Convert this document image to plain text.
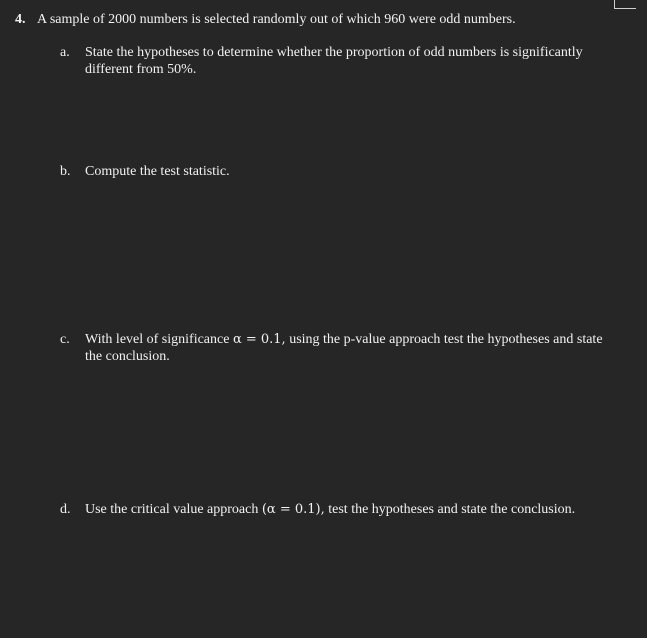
4. A sample of 2000 numbers is selected randomly out of which 960 were odd numbers.
a.	State the hypotheses to determine whether the proportion of odd numbers is significantly different from 50%.
b.	Compute the test statistic.
c.	With level of significance α = 0.1, using the p-value approach test the hypotheses and state the conclusion.
d.	Use the critical value approach (α = 0.1), test the hypotheses and state the conclusion.
